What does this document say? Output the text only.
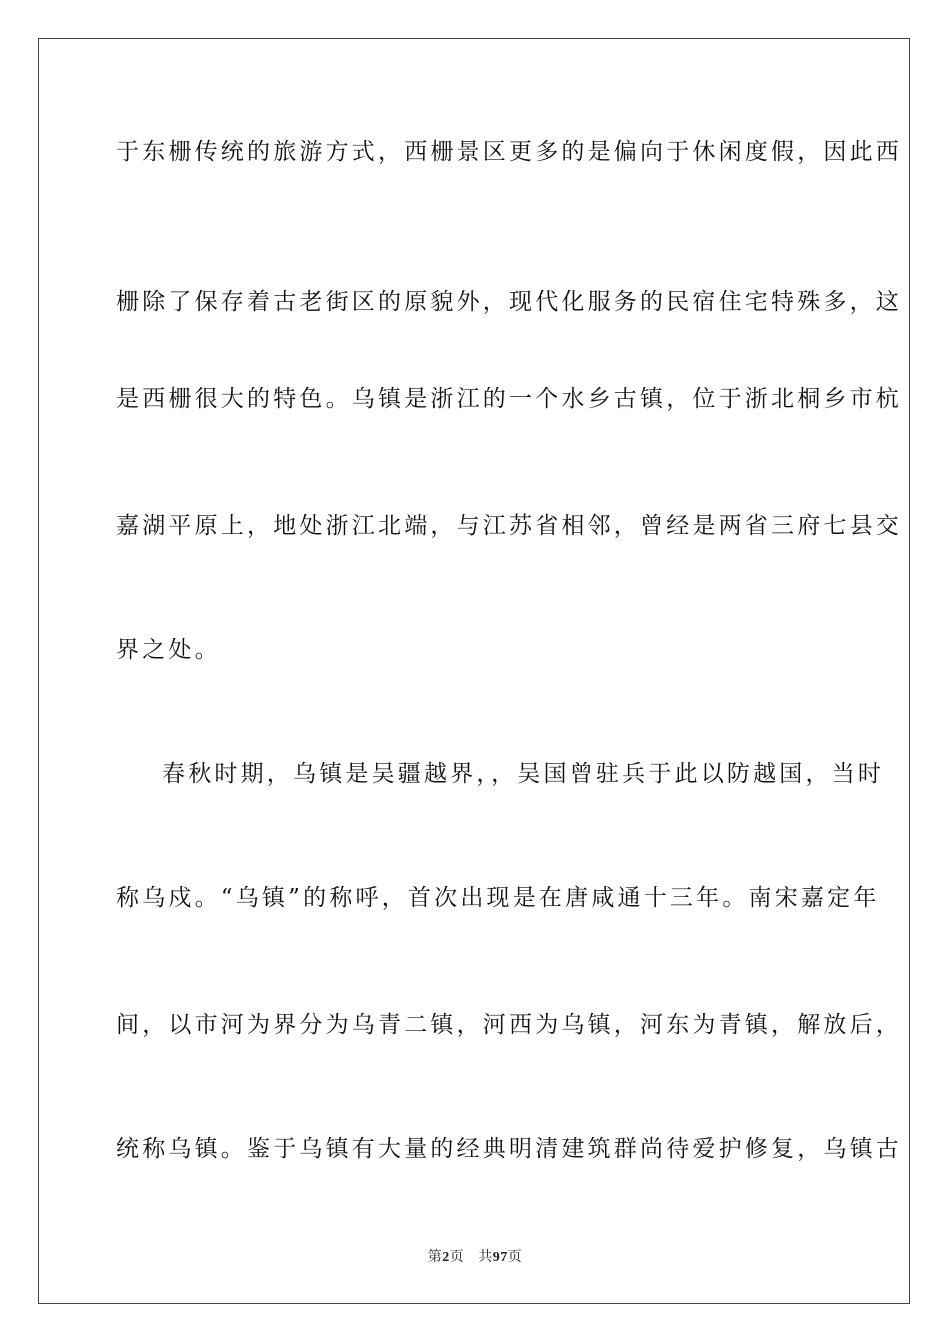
于东栅传统的旅游方式，西栅景区更多的是偏向于休闲度假，因此西
栅除了保存着古老街区的原貌外，现代化服务的民宿住宅特殊多，这
是西栅很大的特色。乌镇是浙江的一个水乡古镇，位于浙北桐乡市杭
嘉湖平原上，地处浙江北端，与江苏省相邻，曾经是两省三府七县交
界之处。
春秋时期，乌镇是吴疆越界，，吴国曾驻兵于此以防越国，当时
称乌戍。“乌镇”的称呼，首次出现是在唐咸通十三年。南宋嘉定年
间，以市河为界分为乌青二镇，河西为乌镇，河东为青镇，解放后，
统称乌镇。鉴于乌镇有大量的经典明清建筑群尚待爱护修复，乌镇古
第2页 共97页
